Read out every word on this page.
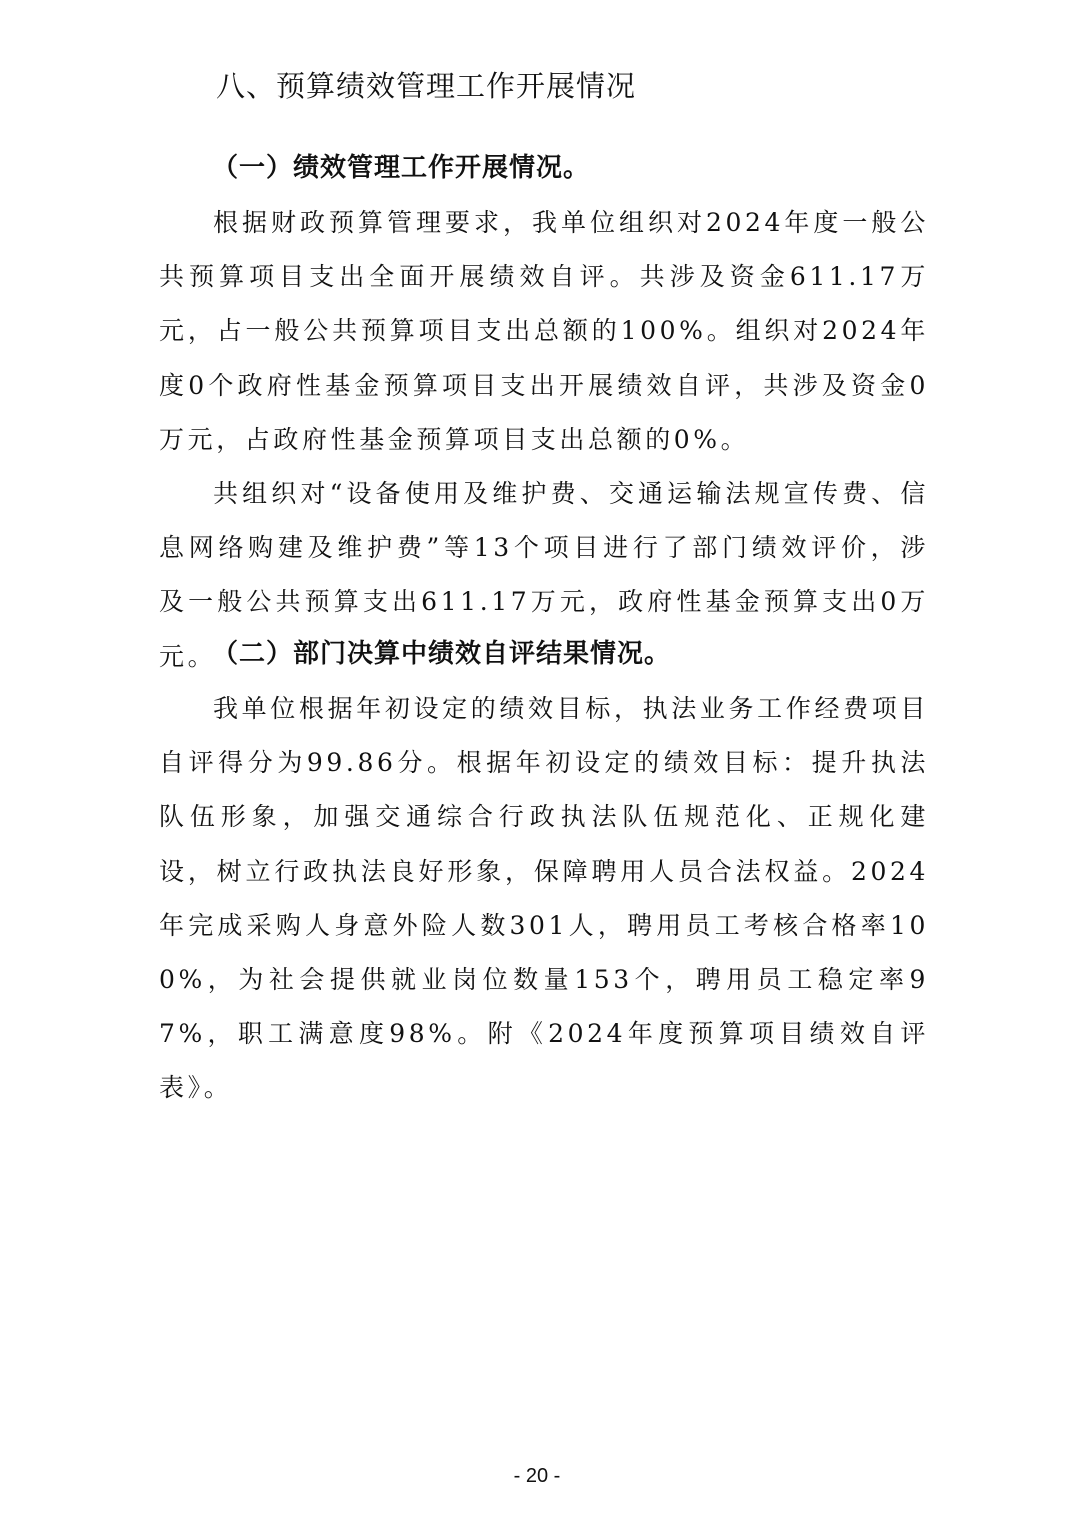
八、预算绩效管理工作开展情况
（一）绩效管理工作开展情况。

根据财政预算管理要求，我单位组织对2024年度一般公共预算项目支出全面开展绩效自评。共涉及资金611.17万元，占一般公共预算项目支出总额的100%。组织对2024年度0个政府性基金预算项目支出开展绩效自评，共涉及资金0万元，占政府性基金预算项目支出总额的0%。

共组织对“设备使用及维护费、交通运输法规宣传费、信息网络购建及维护费”等13个项目进行了部门绩效评价，涉及一般公共预算支出611.17万元，政府性基金预算支出0万元。

（二）部门决算中绩效自评结果情况。

我单位根据年初设定的绩效目标，执法业务工作经费项目自评得分为99.86分。根据年初设定的绩效目标：提升执法队伍形象，加强交通综合行政执法队伍规范化、正规化建设，树立行政执法良好形象，保障聘用人员合法权益。2024年完成采购人身意外险人数301人，聘用员工考核合格率100%，为社会提供就业岗位数量153个，聘用员工稳定率97%，职工满意度98%。附《2024年度预算项目绩效自评表》。

- 20 -
